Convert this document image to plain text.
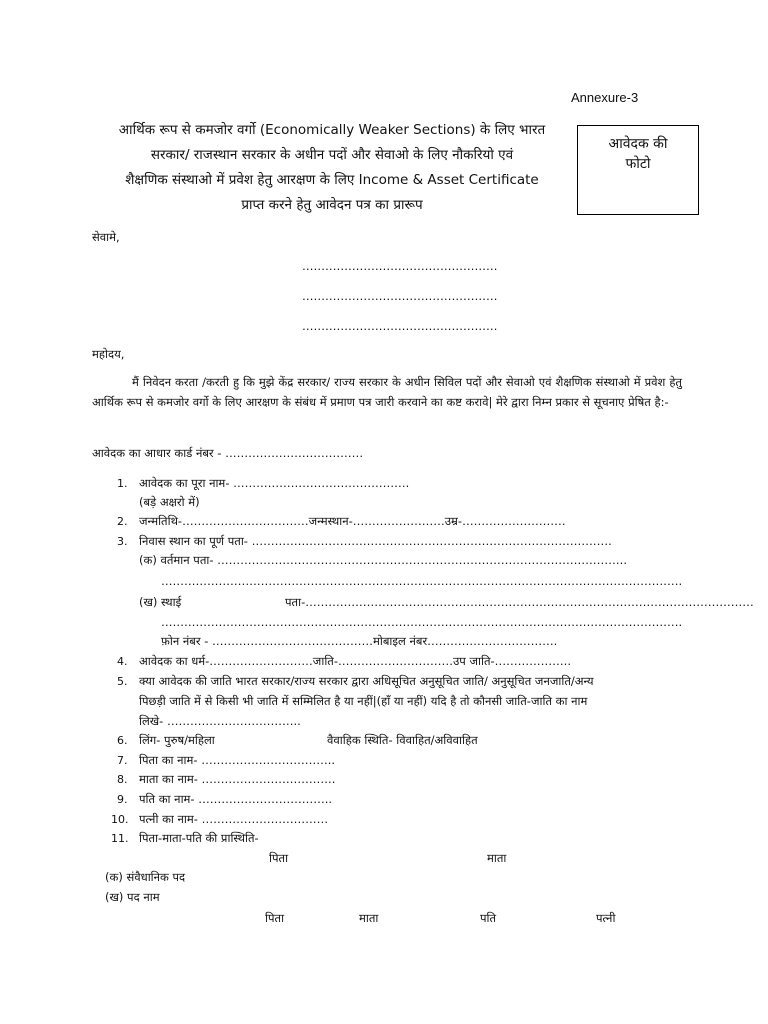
Annexure-3
आर्थिक रूप से कमजोर वर्गो (Economically Weaker Sections) के लिए भारत
सरकार/ राजस्थान सरकार के अधीन पदों और सेवाओ के लिए नौकरियो एवं
शैक्षणिक संस्थाओ में प्रवेश हेतु आरक्षण के लिए Income & Asset Certificate
प्राप्त करने हेतु आवेदन पत्र का प्रारूप
आवेदक की
फोटो
सेवामे,
……………………………………………
……………………………………………
……………………………………………
महोदय,
मैं निवेदन करता /करती हु कि मुझे केंद्र सरकार/ राज्य सरकार के अधीन सिविल पदों और सेवाओ एवं शैक्षणिक संस्थाओ में प्रवेश हेतु आर्थिक रूप से कमजोर वर्गो के लिए आरक्षण के संबंध में प्रमाण पत्र जारी करवाने का कष्ट करावे| मेरे द्वारा निम्न प्रकार से सूचनाए प्रेषित है:-
आवेदक का आधार कार्ड नंबर - ………………………………
1. आवेदक का पूरा नाम- ……………………………………….
(बड़े अक्षरो में)
2. जन्मतिथि-……………………………जन्मस्थान-……………………उम्र-………………………
3. निवास स्थान का पूर्ण पता- ………………………………………………………………………………….
(क) वर्तमान पता- ……………………………………………………………………………………………..
……………………………………………………………………………………………………………………….
(ख) स्थाई	पता-………………………………………………………………………………………………………
……………………………………………………………………………………………………………………….
फ़ोन नंबर - ……………………………………मोबाइल नंबर…………………………….
4. आवेदक का धर्म-………………………जाति-…………………………उप जाति-………………..
5. क्या आवेदक की जाति भारत सरकार/राज्य सरकार द्वारा अधिसूचित अनुसूचित जाति/ अनुसूचित जनजाति/अन्य
पिछड़ी जाति में से किसी भी जाति में सम्मिलित है या नहीं|(हाँ या नहीं) यदि है तो कौनसी जाति-जाति का नाम
लिखे- ……………………………..
6. लिंग- पुरुष/महिला	वैवाहिक स्थिति- विवाहित/अविवाहित
7. पिता का नाम- ……………………………..
8. माता का नाम- ……………………………..
9. पति का नाम- ……………………………..
10. पत्नी का नाम- ……………………………
11. पिता-माता-पति की प्रास्थिति-
पिता	माता
(क) संवैधानिक पद
(ख) पद नाम
पिता	माता	पति	पत्नी
